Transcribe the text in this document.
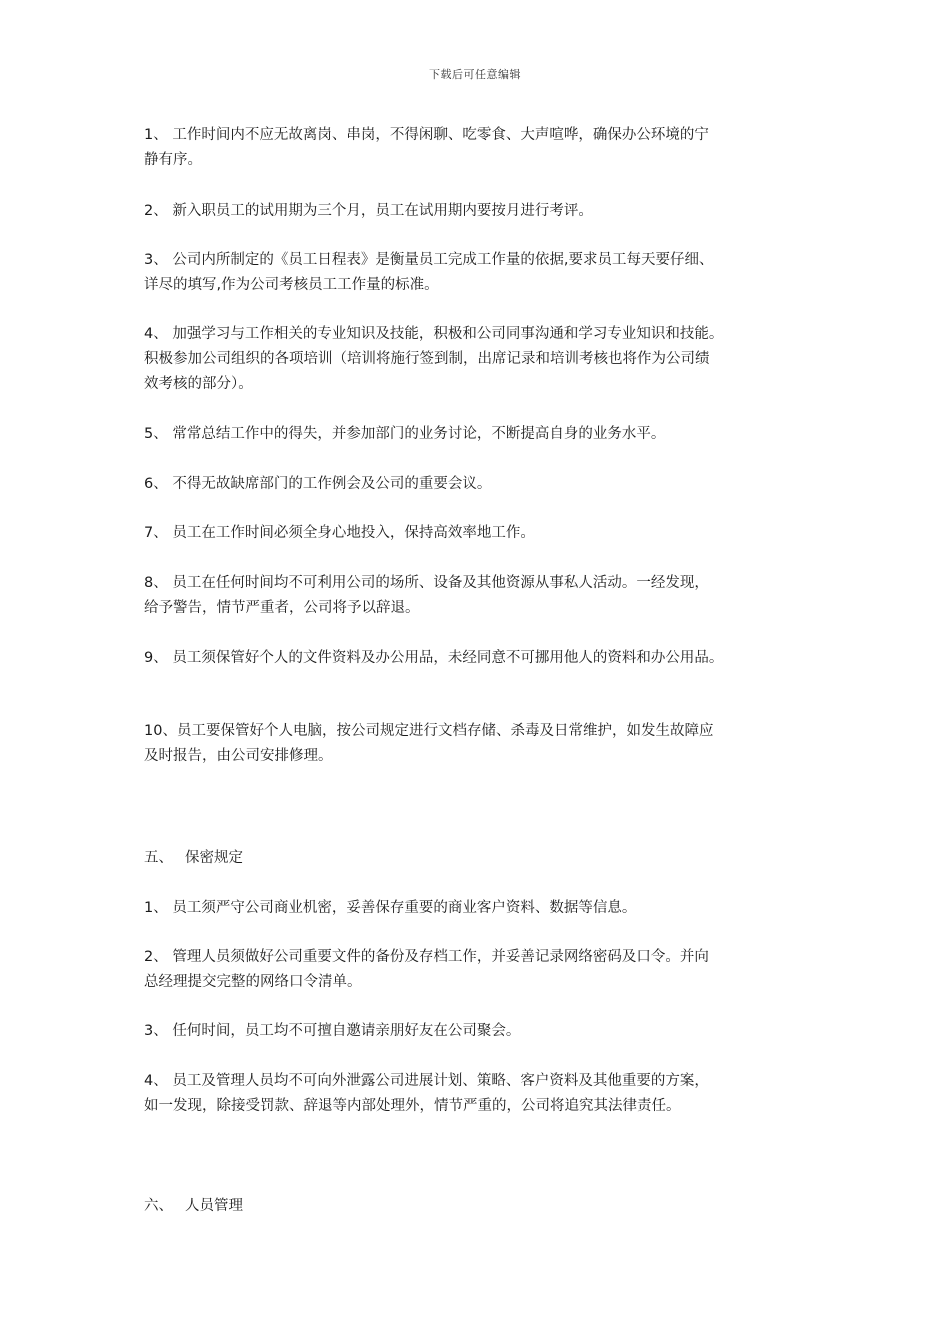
下载后可任意编辑
1、 工作时间内不应无故离岗、串岗，不得闲聊、吃零食、大声喧哗，确保办公环境的宁
静有序。
2、 新入职员工的试用期为三个月，员工在试用期内要按月进行考评。
3、 公司内所制定的《员工日程表》是衡量员工完成工作量的依据,要求员工每天要仔细、
详尽的填写,作为公司考核员工工作量的标准。
4、 加强学习与工作相关的专业知识及技能，积极和公司同事沟通和学习专业知识和技能。
积极参加公司组织的各项培训（培训将施行签到制，出席记录和培训考核也将作为公司绩
效考核的部分）。
5、 常常总结工作中的得失，并参加部门的业务讨论，不断提高自身的业务水平。
6、 不得无故缺席部门的工作例会及公司的重要会议。
7、 员工在工作时间必须全身心地投入，保持高效率地工作。
8、 员工在任何时间均不可利用公司的场所、设备及其他资源从事私人活动。一经发现，
给予警告，情节严重者，公司将予以辞退。
9、 员工须保管好个人的文件资料及办公用品，未经同意不可挪用他人的资料和办公用品。
10、员工要保管好个人电脑，按公司规定进行文档存储、杀毒及日常维护，如发生故障应
及时报告，由公司安排修理。
五、 保密规定
1、 员工须严守公司商业机密，妥善保存重要的商业客户资料、数据等信息。
2、 管理人员须做好公司重要文件的备份及存档工作，并妥善记录网络密码及口令。并向
总经理提交完整的网络口令清单。
3、 任何时间，员工均不可擅自邀请亲朋好友在公司聚会。
4、 员工及管理人员均不可向外泄露公司进展计划、策略、客户资料及其他重要的方案，
如一发现，除接受罚款、辞退等内部处理外，情节严重的，公司将追究其法律责任。
六、 人员管理
